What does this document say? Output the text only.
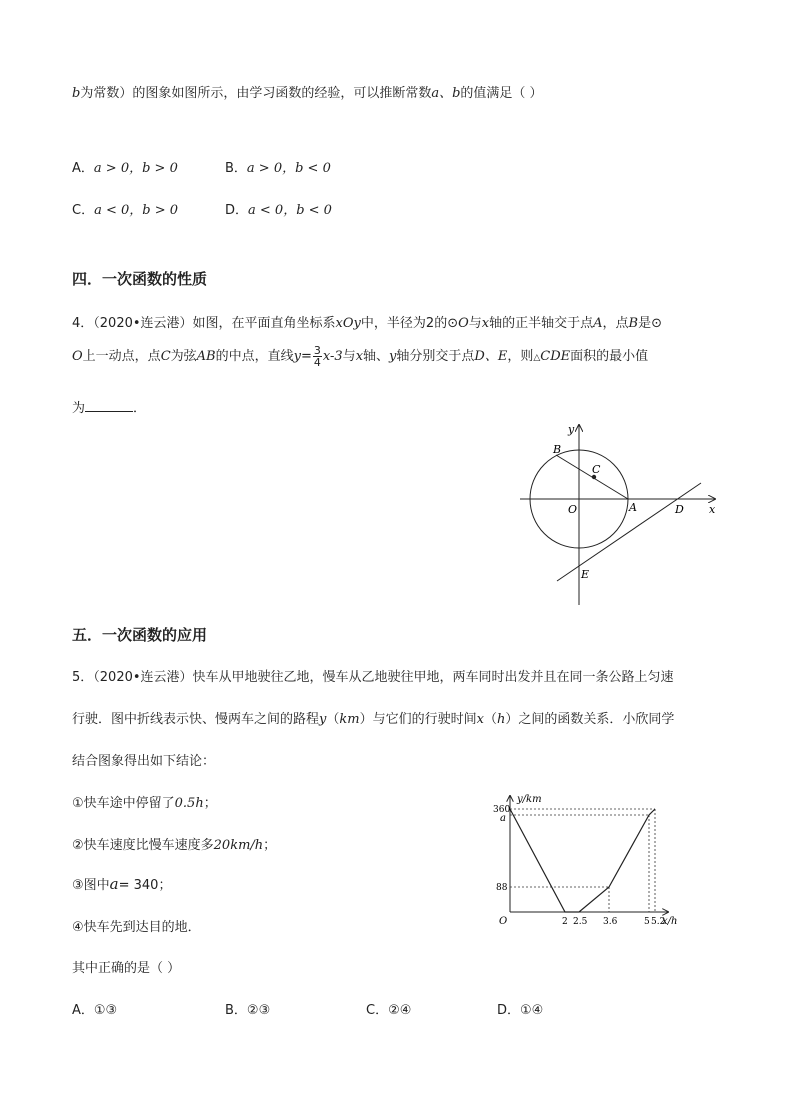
b为常数）的图象如图所示，由学习函数的经验，可以推断常数a、b的值满足（ ）
A．a > 0，b > 0	B．a > 0，b < 0
C．a < 0，b > 0	D．a < 0，b < 0
四．一次函数的性质
4．（2020•连云港）如图，在平面直角坐标系xOy中，半径为2的⊙O与x轴的正半轴交于点A，点B是⊙
O上一动点，点C为弦AB的中点，直线$y= \frac{3}{4} x-3$与x轴、y轴分别交于点D、E，则△CDE面积的最小值
为	．
y
x
O	A
B
C
D
E
五．一次函数的应用
5．（2020•连云港）快车从甲地驶往乙地，慢车从乙地驶往甲地，两车同时出发并且在同一条公路上匀速
行驶．图中折线表示快、慢两车之间的路程y（km）与它们的行驶时间x（h）之间的函数关系．小欣同学
结合图象得出如下结论：
①快车途中停留了0.5h；
②快车速度比慢车速度多20km/h；
③图中a= 340；
④快车先到达目的地．
其中正确的是（ ）
A．①③	B．②③	C．②④	D．①④
y/km
x/h
O
360
a
88
2 2.5 3.6	5 5.2
